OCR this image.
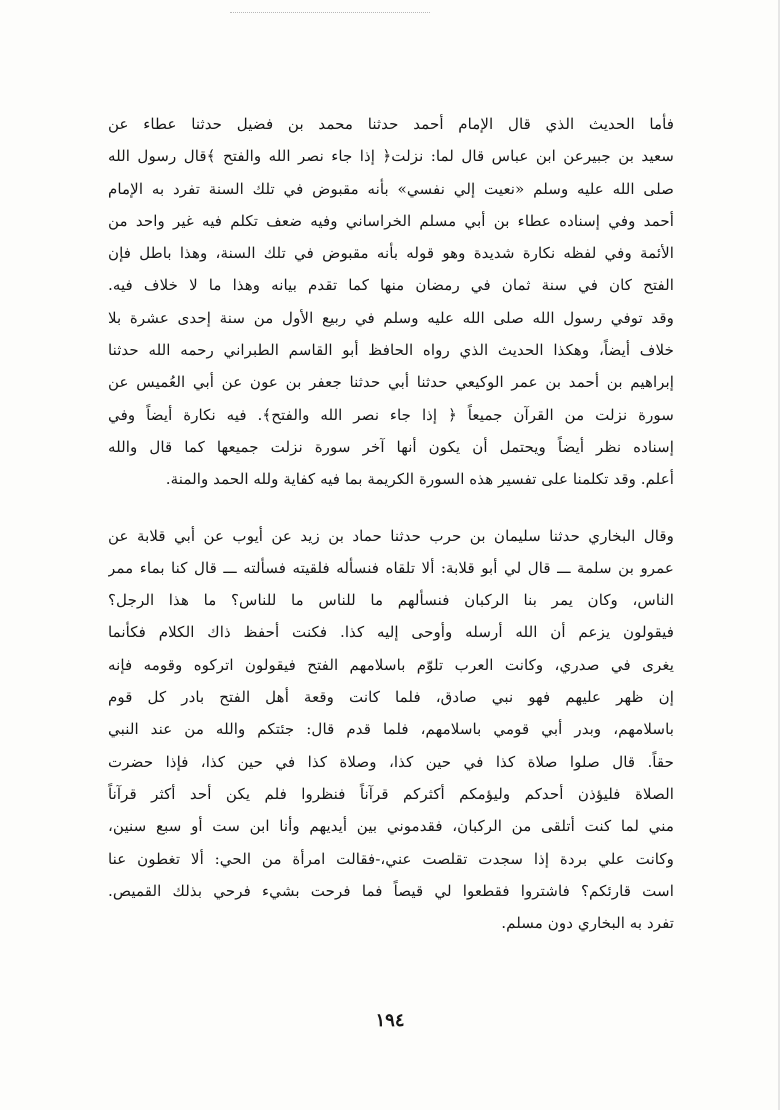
فأما الحديث الذي قال الإمام أحمد حدثنا محمد بن فضيل حدثنا عطاء عن
سعيد بن جبيرعن ابن عباس قال لما: نزلت﴿ إذا جاء نصر الله والفتح ﴾قال رسول الله
صلى الله عليه وسلم «نعيت إلي نفسي» بأنه مقبوض في تلك السنة تفرد به الإمام
أحمد وفي إسناده عطاء بن أبي مسلم الخراساني وفيه ضعف تكلم فيه غير واحد من
الأئمة وفي لفظه نكارة شديدة وهو قوله بأنه مقبوض في تلك السنة، وهذا باطل فإن
الفتح كان في سنة ثمان في رمضان منها كما تقدم بيانه وهذا ما لا خلاف فيه.
وقد توفي رسول الله صلى الله عليه وسلم في ربيع الأول من سنة إحدى عشرة بلا
خلاف أيضاً، وهكذا الحديث الذي رواه الحافظ أبو القاسم الطبراني رحمه الله حدثنا
إبراهيم بن أحمد بن عمر الوكيعي حدثنا أبي حدثنا جعفر بن عون عن أبي العُميس عن
سورة نزلت من القرآن جميعاً ﴿ إذا جاء نصر الله والفتح﴾. فيه نكارة أيضاً وفي
إسناده نظر أيضاً ويحتمل أن يكون أنها آخر سورة نزلت جميعها كما قال والله
أعلم. وقد تكلمنا على تفسير هذه السورة الكريمة بما فيه كفاية ولله الحمد والمنة.
وقال البخاري حدثنا سليمان بن حرب حدثنا حماد بن زيد عن أيوب عن أبي قلابة عن
عمرو بن سلمة ـــ قال لي أبو قلابة: ألا تلقاه فنسأله فلقيته فسألته ـــ قال كنا بماء ممر
الناس، وكان يمر بنا الركبان فنسألهم ما للناس ما للناس؟ ما هذا الرجل؟
فيقولون يزعم أن الله أرسله وأوحى إليه كذا. فكنت أحفظ ذاك الكلام فكأنما
يغرى في صدري، وكانت العرب تلوّم باسلامهم الفتح فيقولون اتركوه وقومه فإنه
إن ظهر عليهم فهو نبي صادق، فلما كانت وقعة أهل الفتح بادر كل قوم
باسلامهم، وبدر أبي قومي باسلامهم، فلما قدم قال: جئتكم والله من عند النبي
حقاً. قال صلوا صلاة كذا في حين كذا، وصلاة كذا في حين كذا، فإذا حضرت
الصلاة فليؤذن أحدكم وليؤمكم أكثركم قرآناً فنظروا فلم يكن أحد أكثر قرآناً
مني لما كنت أتلقى من الركبان، فقدموني بين أيديهم وأنا ابن ست أو سبع سنين،
وكانت علي بردة إذا سجدت تقلصت عني،-فقالت امرأة من الحي: ألا تغطون عنا
است قارئكم؟ فاشتروا فقطعوا لي قيصاً فما فرحت بشيء فرحي بذلك القميص.
تفرد به البخاري دون مسلم.
١٩٤
